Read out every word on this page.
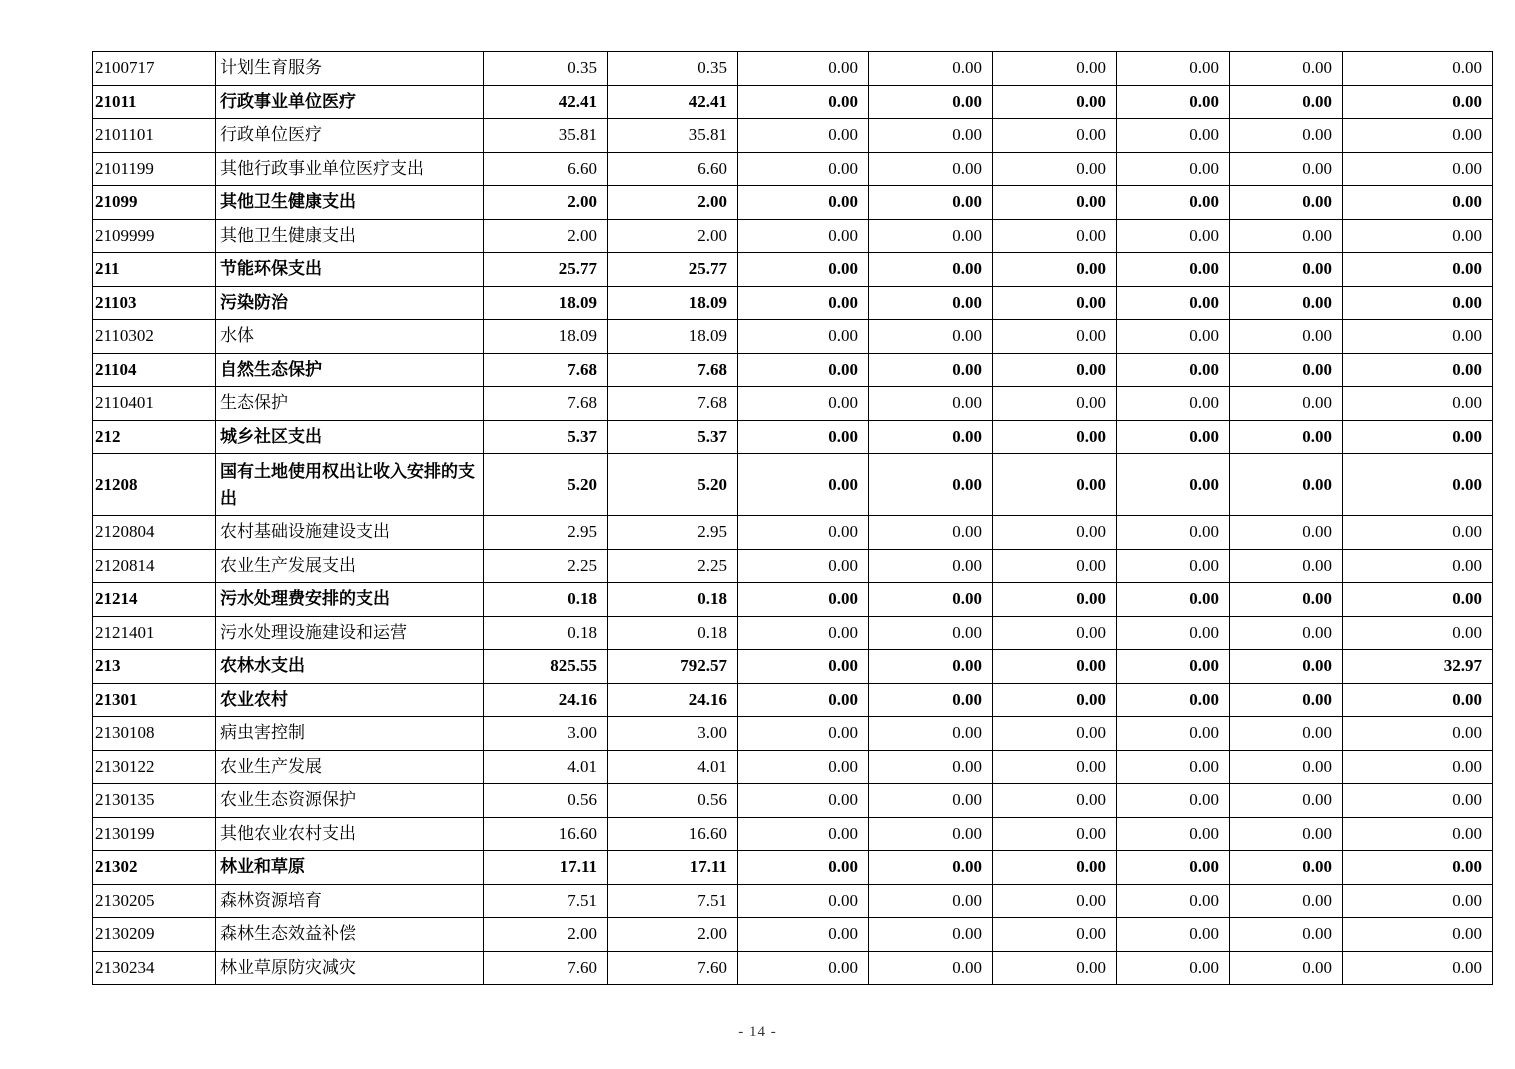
2100717	计划生育服务	0.35	0.35	0.00	0.00	0.00	0.00	0.00	0.00
21011	行政事业单位医疗	42.41	42.41	0.00	0.00	0.00	0.00	0.00	0.00
2101101	行政单位医疗	35.81	35.81	0.00	0.00	0.00	0.00	0.00	0.00
2101199	其他行政事业单位医疗支出	6.60	6.60	0.00	0.00	0.00	0.00	0.00	0.00
21099	其他卫生健康支出	2.00	2.00	0.00	0.00	0.00	0.00	0.00	0.00
2109999	其他卫生健康支出	2.00	2.00	0.00	0.00	0.00	0.00	0.00	0.00
211	节能环保支出	25.77	25.77	0.00	0.00	0.00	0.00	0.00	0.00
21103	污染防治	18.09	18.09	0.00	0.00	0.00	0.00	0.00	0.00
2110302	水体	18.09	18.09	0.00	0.00	0.00	0.00	0.00	0.00
21104	自然生态保护	7.68	7.68	0.00	0.00	0.00	0.00	0.00	0.00
2110401	生态保护	7.68	7.68	0.00	0.00	0.00	0.00	0.00	0.00
212	城乡社区支出	5.37	5.37	0.00	0.00	0.00	0.00	0.00	0.00
21208	国有土地使用权出让收入安排的支出	5.20	5.20	0.00	0.00	0.00	0.00	0.00	0.00
2120804	农村基础设施建设支出	2.95	2.95	0.00	0.00	0.00	0.00	0.00	0.00
2120814	农业生产发展支出	2.25	2.25	0.00	0.00	0.00	0.00	0.00	0.00
21214	污水处理费安排的支出	0.18	0.18	0.00	0.00	0.00	0.00	0.00	0.00
2121401	污水处理设施建设和运营	0.18	0.18	0.00	0.00	0.00	0.00	0.00	0.00
213	农林水支出	825.55	792.57	0.00	0.00	0.00	0.00	0.00	32.97
21301	农业农村	24.16	24.16	0.00	0.00	0.00	0.00	0.00	0.00
2130108	病虫害控制	3.00	3.00	0.00	0.00	0.00	0.00	0.00	0.00
2130122	农业生产发展	4.01	4.01	0.00	0.00	0.00	0.00	0.00	0.00
2130135	农业生态资源保护	0.56	0.56	0.00	0.00	0.00	0.00	0.00	0.00
2130199	其他农业农村支出	16.60	16.60	0.00	0.00	0.00	0.00	0.00	0.00
21302	林业和草原	17.11	17.11	0.00	0.00	0.00	0.00	0.00	0.00
2130205	森林资源培育	7.51	7.51	0.00	0.00	0.00	0.00	0.00	0.00
2130209	森林生态效益补偿	2.00	2.00	0.00	0.00	0.00	0.00	0.00	0.00
2130234	林业草原防灾减灾	7.60	7.60	0.00	0.00	0.00	0.00	0.00	0.00
- 14 -
